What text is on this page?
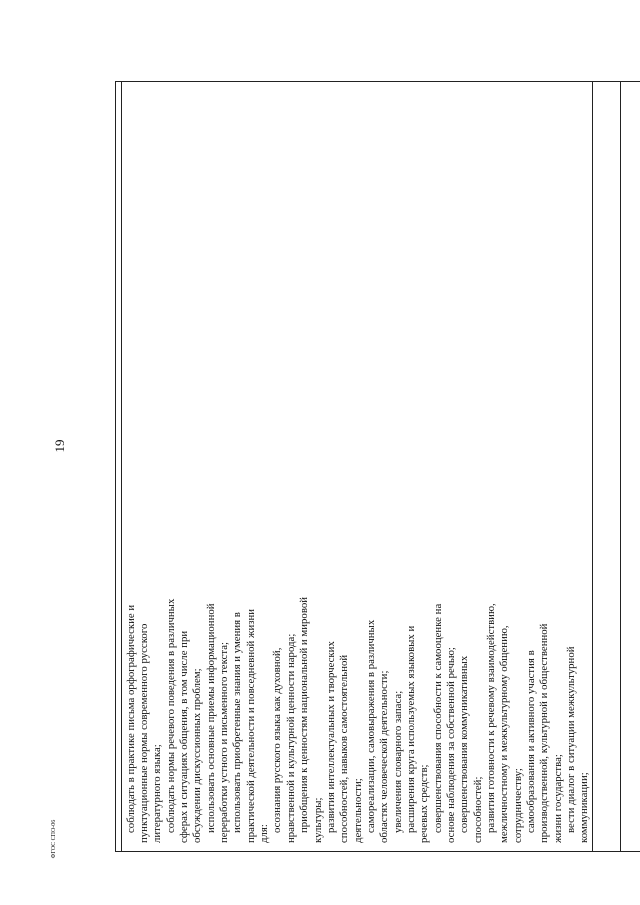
19
ФГОС СПО-06

соблюдать в практике письма орфографические и пунктуационные нормы современного русского литературного языка; соблюдать нормы речевого поведения в различных сферах и ситуациях общения, в том числе при обсуждении дискуссионных проблем; использовать основные приемы информационной переработки устного и письменного текста; использовать приобретенные знания и умения в практической деятельности и повседневной жизни для:

осознания русского языка как духовной, нравственной и культурной ценности народа; приобщения к ценностям национальной и мировой культуры; развития интеллектуальных и творческих способностей, навыков самостоятельной деятельности; самореализации, самовыражения в различных областях человеческой деятельности; увеличения словарного запаса; расширения круга используемых языковых и речевых средств; совершенствования способности к самооценке на основе наблюдения за собственной речью; совершенствования коммуникативных способностей; развития готовности к речевому взаимодействию, межличностному и межкультурному общению, сотрудничеству; самообразования и активного участия в производственной, культурной и общественной жизни государства; вести диалог в ситуации межкультурной коммуникации;
